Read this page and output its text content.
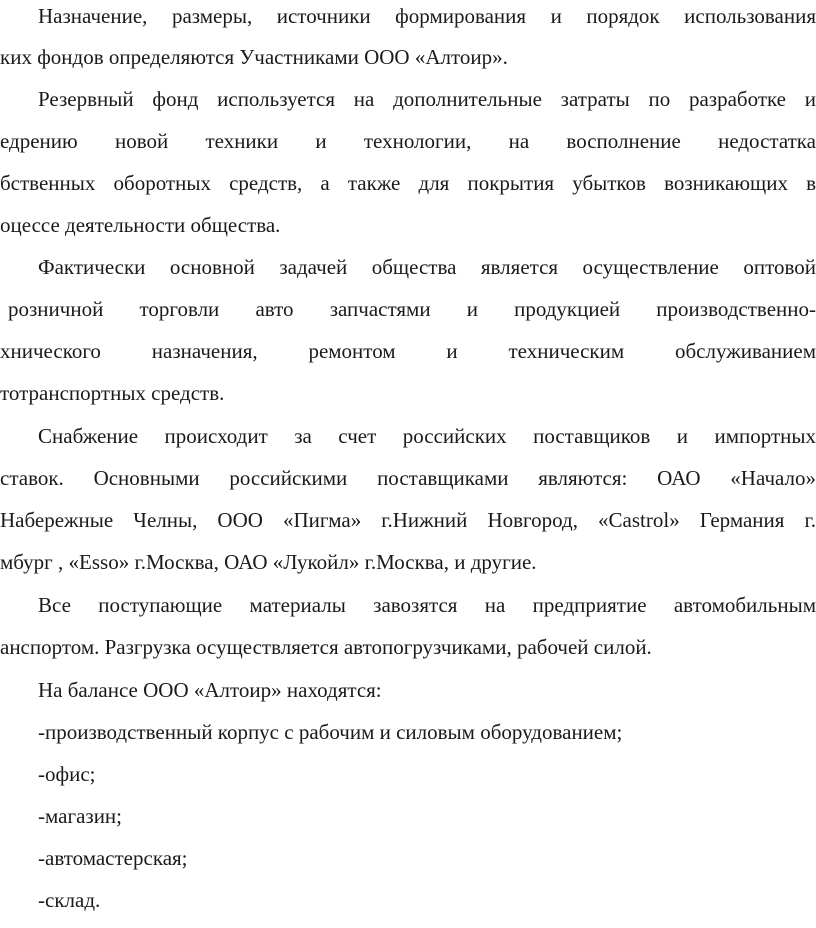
Назначение, размеры, источники формирования и порядок использования
ких фондов определяются Участниками ООО «Алтоир».
Резервный фонд используется на дополнительные затраты по разработке и
едрению новой техники и технологии, на восполнение недостатка
бственных оборотных средств, а также для покрытия убытков возникающих в
оцессе деятельности общества.
Фактически основной задачей общества является осуществление оптовой
розничной торговли авто запчастями и продукцией производственно-
хнического назначения, ремонтом и техническим обслуживанием
тотранспортных средств.
Снабжение происходит за счет российских поставщиков и импортных
ставок. Основными российскими поставщиками являются: ОАО «Начало»
Набережные Челны, ООО «Пигма» г.Нижний Новгород, «Castrol» Германия г.
мбург , «Esso» г.Москва, ОАО «Лукойл» г.Москва, и другие.
Все поступающие материалы завозятся на предприятие автомобильным
анспортом. Разгрузка осуществляется автопогрузчиками, рабочей силой.
На балансе ООО «Алтоир» находятся:
-производственный корпус с рабочим и силовым оборудованием;
-офис;
-магазин;
-автомастерская;
-склад.
